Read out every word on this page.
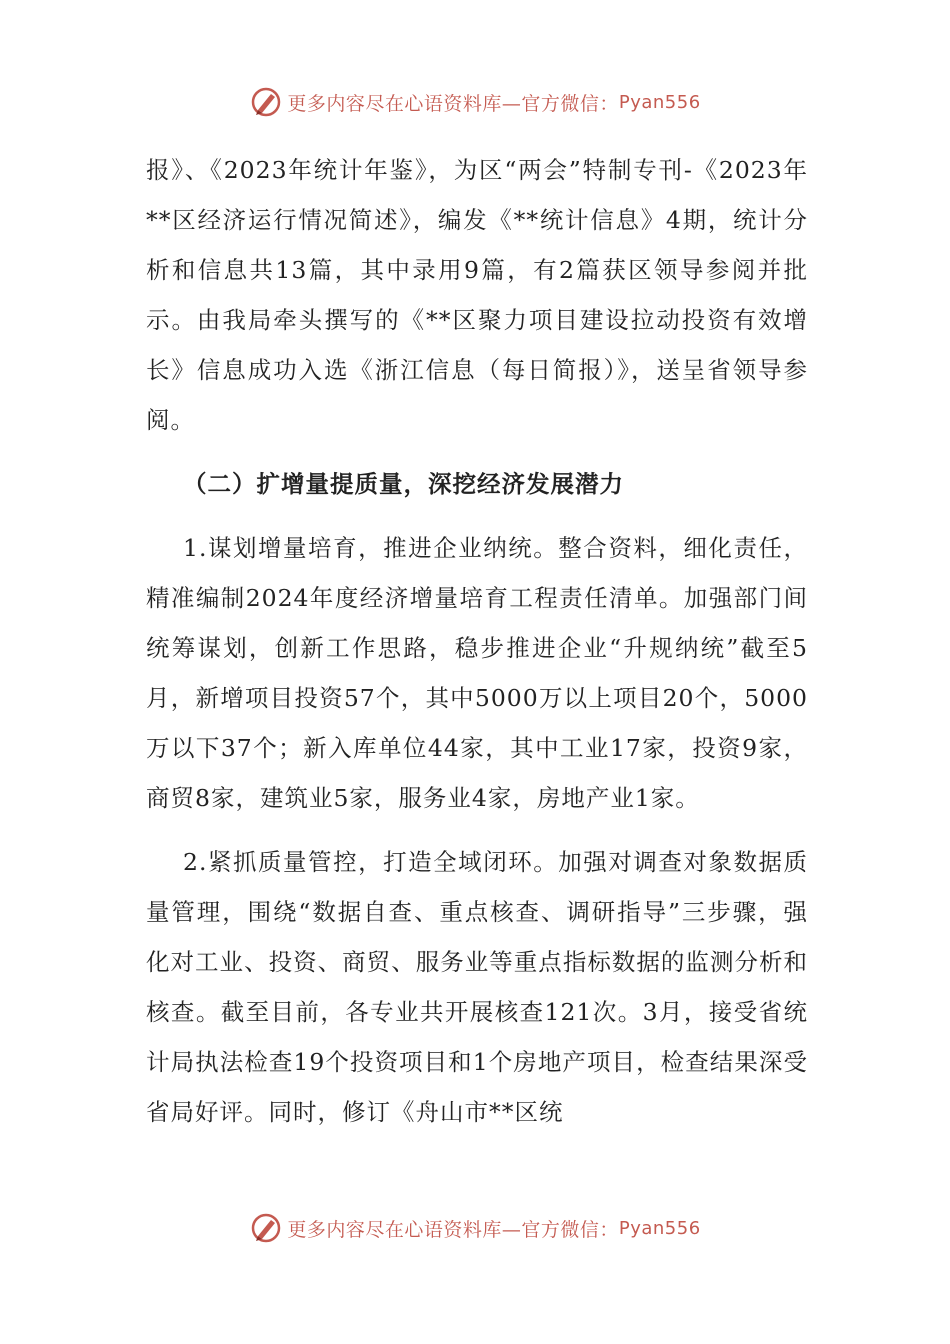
更多内容尽在心语资料库—官方微信： Pyan556

报》、《2023年统计年鉴》，为区“两会”特制专刊-《2023年**区经济运行情况简述》，编发《**统计信息》4期，统计分析和信息共13篇，其中录用9篇，有2篇获区领导参阅并批示。由我局牵头撰写的《**区聚力项目建设拉动投资有效增长》信息成功入选《浙江信息（每日简报）》，送呈省领导参阅。

（二）扩增量提质量，深挖经济发展潜力

1.谋划增量培育，推进企业纳统。整合资料，细化责任，精准编制2024年度经济增量培育工程责任清单。加强部门间统筹谋划，创新工作思路，稳步推进企业“升规纳统”截至5月，新增项目投资57个，其中5000万以上项目20个，5000万以下37个；新入库单位44家，其中工业17家，投资9家，商贸8家，建筑业5家，服务业4家，房地产业1家。

2.紧抓质量管控，打造全域闭环。加强对调查对象数据质量管理，围绕“数据自查、重点核查、调研指导”三步骤，强化对工业、投资、商贸、服务业等重点指标数据的监测分析和核查。截至目前，各专业共开展核查121次。3月，接受省统计局执法检查19个投资项目和1个房地产项目，检查结果深受省局好评。同时，修订《舟山市**区统

更多内容尽在心语资料库—官方微信： Pyan556
